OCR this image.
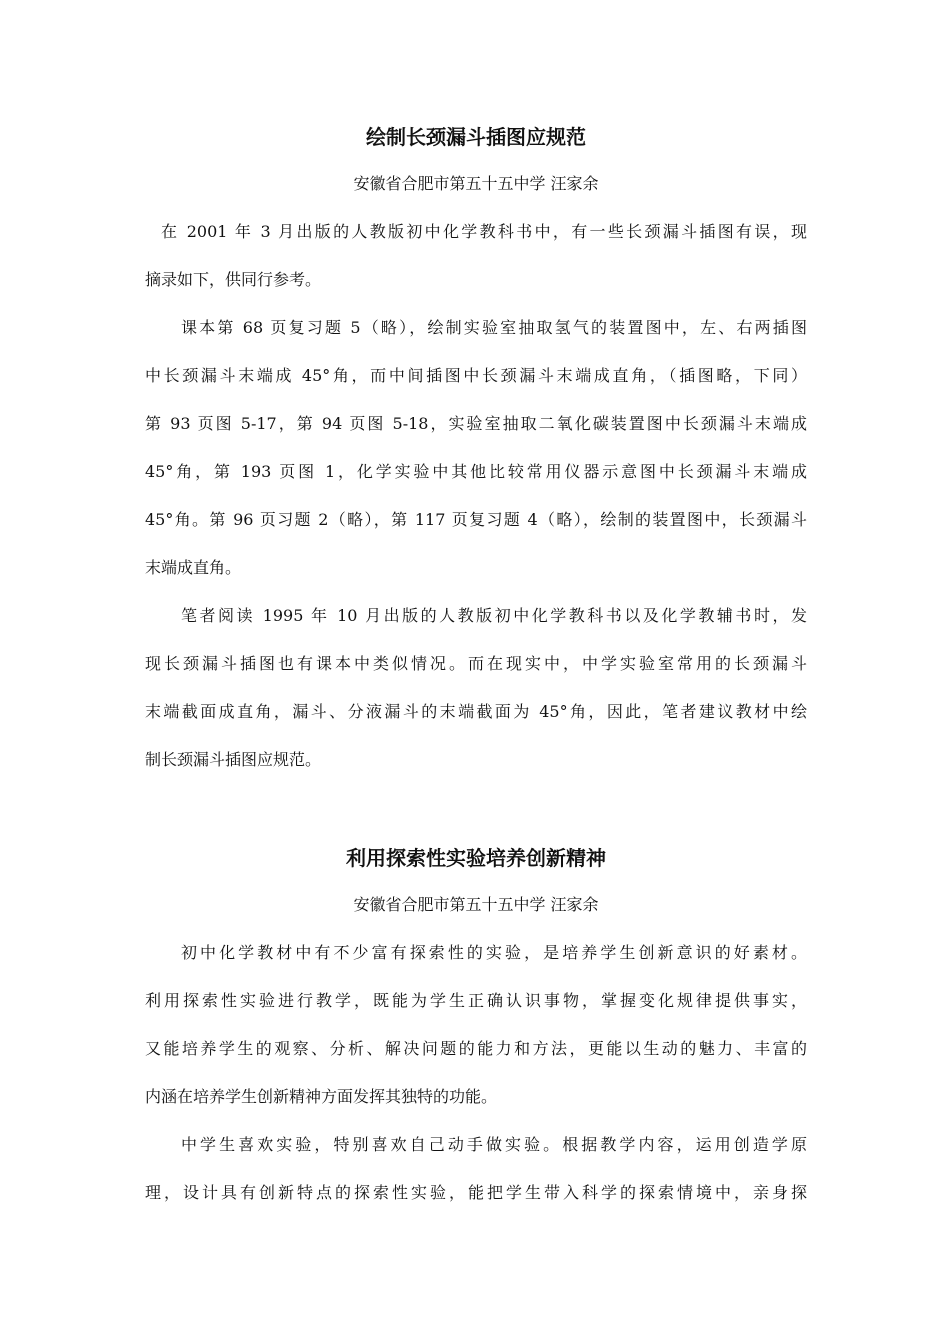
绘制长颈漏斗插图应规范

安徽省合肥市第五十五中学 汪家余

在 2001 年 3 月出版的人教版初中化学教科书中，有一些长颈漏斗插图有误，现
摘录如下，供同行参考。

课本第 68 页复习题 5（略），绘制实验室抽取氢气的装置图中，左、右两插图
中长颈漏斗末端成 45°角，而中间插图中长颈漏斗末端成直角，（插图略，下同）
第 93 页图 5-17，第 94 页图 5-18，实验室抽取二氧化碳装置图中长颈漏斗末端成
45°角，第 193 页图 1，化学实验中其他比较常用仪器示意图中长颈漏斗末端成
45°角。第 96 页习题 2（略），第 117 页复习题 4（略），绘制的装置图中，长颈漏斗
末端成直角。

笔者阅读 1995 年 10 月出版的人教版初中化学教科书以及化学教辅书时，发
现长颈漏斗插图也有课本中类似情况。而在现实中，中学实验室常用的长颈漏斗
末端截面成直角，漏斗、分液漏斗的末端截面为 45°角，因此，笔者建议教材中绘
制长颈漏斗插图应规范。

利用探索性实验培养创新精神

安徽省合肥市第五十五中学 汪家余

初中化学教材中有不少富有探索性的实验，是培养学生创新意识的好素材。
利用探索性实验进行教学，既能为学生正确认识事物，掌握变化规律提供事实，
又能培养学生的观察、分析、解决问题的能力和方法，更能以生动的魅力、丰富的
内涵在培养学生创新精神方面发挥其独特的功能。

中学生喜欢实验，特别喜欢自己动手做实验。根据教学内容，运用创造学原
理，设计具有创新特点的探索性实验，能把学生带入科学的探索情境中，亲身探
